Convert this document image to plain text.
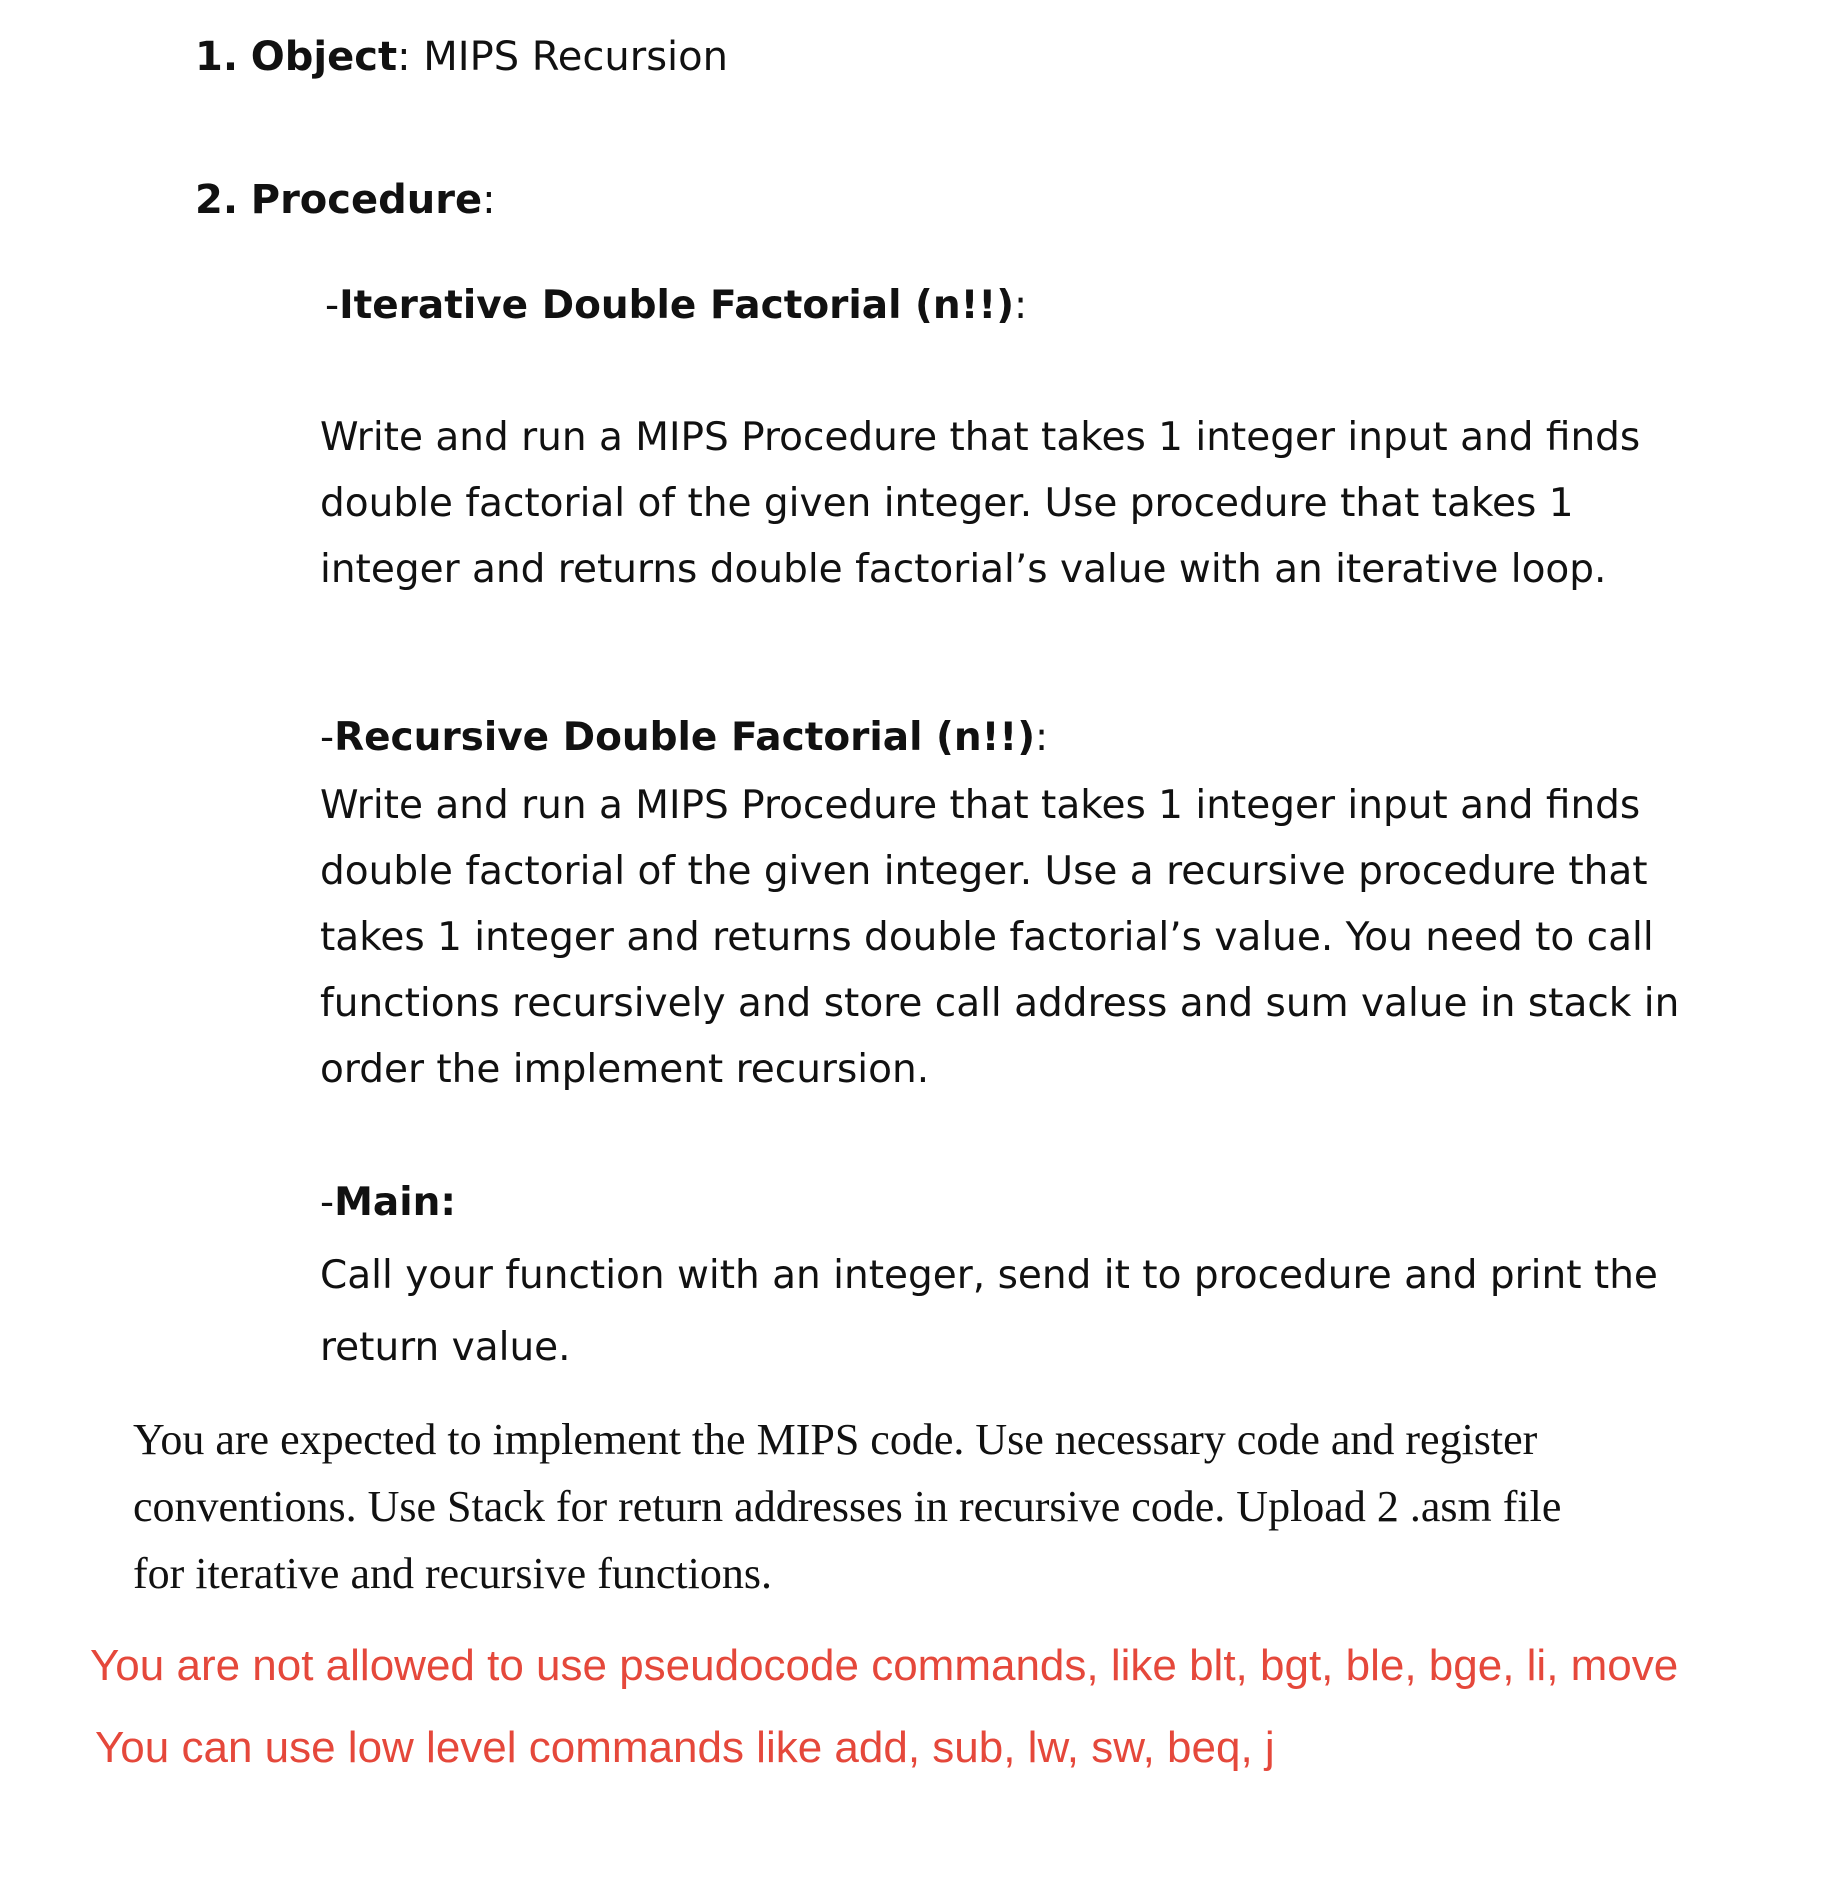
1. Object: MIPS Recursion
2. Procedure:
-Iterative Double Factorial (n!!):
Write and run a MIPS Procedure that takes 1 integer input and finds
double factorial of the given integer. Use procedure that takes 1
integer and returns double factorial’s value with an iterative loop.
-Recursive Double Factorial (n!!):
Write and run a MIPS Procedure that takes 1 integer input and finds
double factorial of the given integer. Use a recursive procedure that
takes 1 integer and returns double factorial’s value. You need to call
functions recursively and store call address and sum value in stack in
order the implement recursion.
-Main:
Call your function with an integer, send it to procedure and print the
return value.
You are expected to implement the MIPS code. Use necessary code and register
conventions. Use Stack for return addresses in recursive code. Upload 2 .asm file
for iterative and recursive functions.
You are not allowed to use pseudocode commands, like blt, bgt, ble, bge, li, move
You can use low level commands like add, sub, lw, sw, beq, j
